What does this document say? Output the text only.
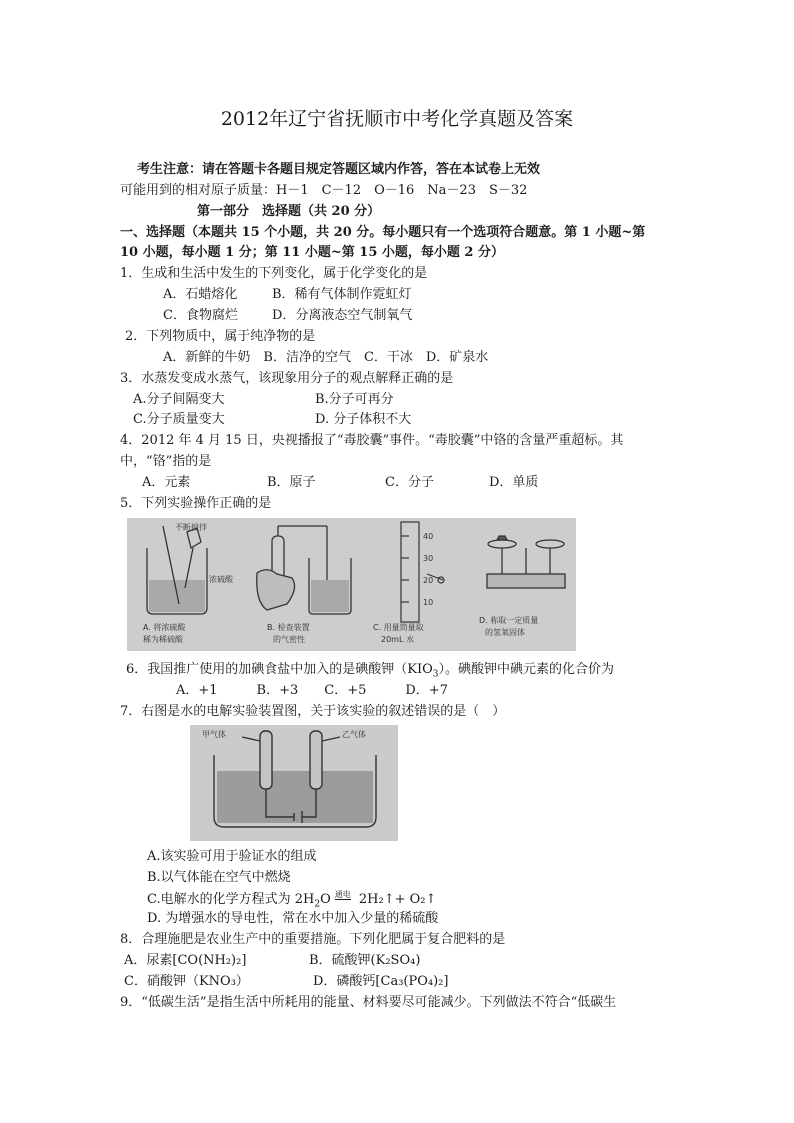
2012年辽宁省抚顺市中考化学真题及答案
考生注意：请在答题卡各题目规定答题区域内作答，答在本试卷上无效
可能用到的相对原子质量：H－1　C－12　O－16　Na－23　S－32
第一部分　选择题（共 20 分）
一、选择题（本题共 15 个小题，共 20 分。每小题只有一个选项符合题意。第 1 小题~第
10 小题，每小题 1 分；第 11 小题~第 15 小题，每小题 2 分）
1．生成和生活中发生的下列变化，属于化学变化的是
A．石蜡熔化	B．稀有气体制作霓虹灯
C．食物腐烂	D．分离液态空气制氧气
2．下列物质中，属于纯净物的是
A．新鲜的牛奶　B．洁净的空气　C．干冰　D．矿泉水
3．水蒸发变成水蒸气，该现象用分子的观点解释正确的是
A.分子间隔变大	B.分子可再分
C.分子质量变大	D. 分子体积不大
4．2012 年 4 月 15 日，央视播报了“毒胶囊”事件。“毒胶囊”中铬的含量严重超标。其
中，“铬”指的是
A．元素	B．原子	C．分子	D．单质
5．下列实验操作正确的是
不断搅拌
浓硫酸
40
30
20
10
A. 将浓硫酸
稀为稀硫酸
B. 检查装置
的气密性
C. 用量筒量取
20mL 水
D. 称取一定质量
的氢氧固体
6．我国推广使用的加碘食盐中加入的是碘酸钾$(KIO_3)$。碘酸钾中碘元素的化合价为
A．+1　　　B．+3　　C．+5　　　D．+7
7．右图是水的电解实验装置图，关于该实验的叙述错误的是（　）
甲气体	乙气体
A.该实验可用于验证水的组成
B.以气体能在空气中燃烧
C.电解水的化学方程式为 $2H_2O$ 通电 2H₂↑+ O₂↑
D. 为增强水的导电性，常在水中加入少量的稀硫酸
8．合理施肥是农业生产中的重要措施。下列化肥属于复合肥料的是
A．尿素[CO(NH₂)₂]	B．硫酸钾(K₂SO₄)
C．硝酸钾（KNO₃）	D．磷酸钙[Ca₃(PO₄)₂]
9．“低碳生活”是指生活中所耗用的能量、材料要尽可能减少。下列做法不符合“低碳生
